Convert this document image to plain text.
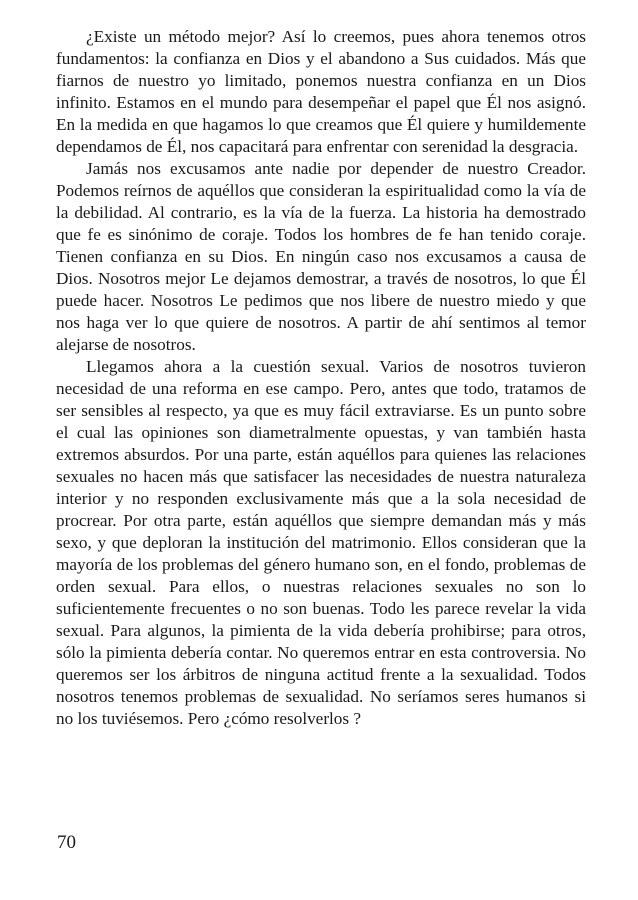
¿Existe un método mejor? Así lo creemos, pues ahora tenemos otros fundamentos: la confianza en Dios y el abandono a Sus cuidados. Más que fiarnos de nuestro yo limitado, ponemos nuestra confianza en un Dios infinito. Estamos en el mundo para desempeñar el papel que Él nos asignó. En la medida en que hagamos lo que creamos que Él quiere y humildemente dependamos de Él, nos capacitará para enfrentar con serenidad la desgracia.

Jamás nos excusamos ante nadie por depender de nuestro Creador. Podemos reírnos de aquéllos que consideran la espiritualidad como la vía de la debilidad. Al contrario, es la vía de la fuerza. La historia ha demostrado que fe es sinónimo de coraje. Todos los hombres de fe han tenido coraje. Tienen confianza en su Dios. En ningún caso nos excusamos a causa de Dios. Nosotros mejor Le dejamos demostrar, a través de nosotros, lo que Él puede hacer. Nosotros Le pedimos que nos libere de nuestro miedo y que nos haga ver lo que quiere de nosotros. A partir de ahí sentimos al temor alejarse de nosotros.

Llegamos ahora a la cuestión sexual. Varios de nosotros tuvieron necesidad de una reforma en ese campo. Pero, antes que todo, tratamos de ser sensibles al respecto, ya que es muy fácil extraviarse. Es un punto sobre el cual las opiniones son diametralmente opuestas, y van también hasta extremos absurdos. Por una parte, están aquéllos para quienes las relaciones sexuales no hacen más que satisfacer las necesidades de nuestra naturaleza interior y no responden exclusivamente más que a la sola necesidad de procrear. Por otra parte, están aquéllos que siempre demandan más y más sexo, y que deploran la institución del matrimonio. Ellos consideran que la mayoría de los problemas del género humano son, en el fondo, problemas de orden sexual. Para ellos, o nuestras relaciones sexuales no son lo suficientemente frecuentes o no son buenas. Todo les parece revelar la vida sexual. Para algunos, la pimienta de la vida debería prohibirse; para otros, sólo la pimienta debería contar. No queremos entrar en esta controversia. No queremos ser los árbitros de ninguna actitud frente a la sexualidad. Todos nosotros tenemos problemas de sexualidad. No seríamos seres humanos si no los tuviésemos. Pero ¿cómo resolverlos ?

70
